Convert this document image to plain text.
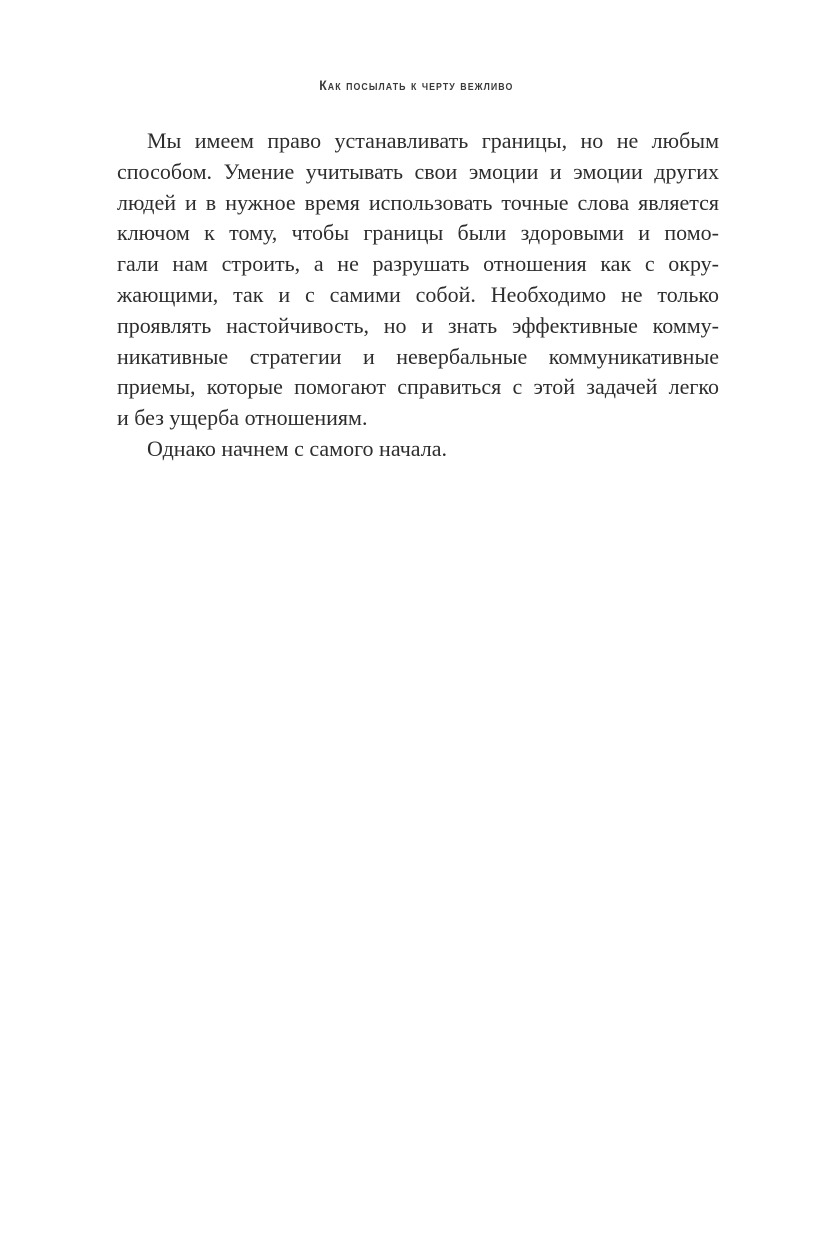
Как посылать к черту вежливо
Мы имеем право устанавливать границы, но не любым
способом. Умение учитывать свои эмоции и эмоции других
людей и в нужное время использовать точные слова является
ключом к тому, чтобы границы были здоровыми и помо-
гали нам строить, а не разрушать отношения как с окру-
жающими, так и с самими собой. Необходимо не только
проявлять настойчивость, но и знать эффективные комму-
никативные стратегии и невербальные коммуникативные
приемы, которые помогают справиться с этой задачей легко
и без ущерба отношениям.
Однако начнем с самого начала.
